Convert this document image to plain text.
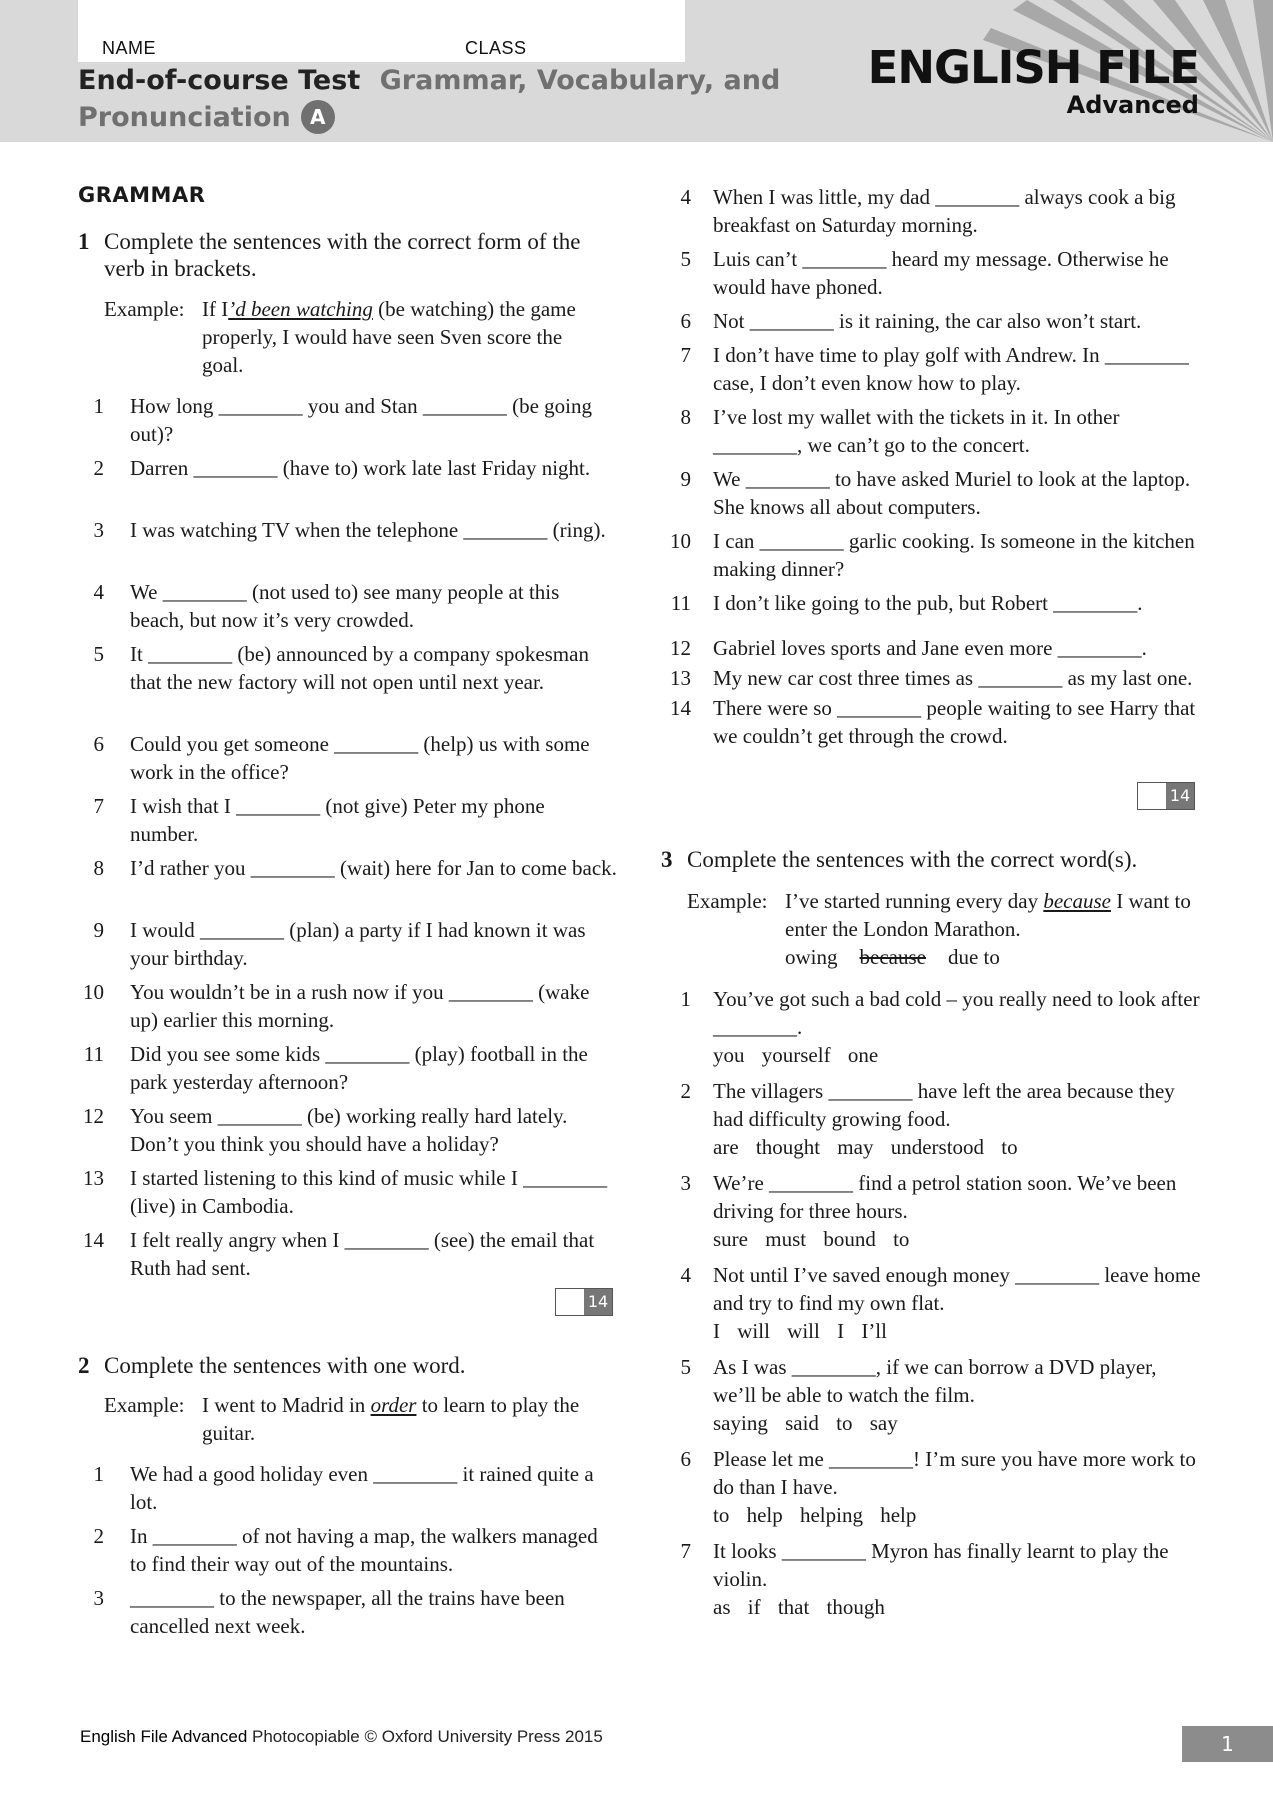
NAME	CLASS
End-of-course Test Grammar, Vocabulary, and
Pronunciation A
ENGLISH FILE
Advanced
GRAMMAR
1 Complete the sentences with the correct form of the verb in brackets.
Example: If I’d been watching (be watching) the game properly, I would have seen Sven score the goal.
1	How long ________ you and Stan ________ (be going out)?
2	Darren ________ (have to) work late last Friday night.
3	I was watching TV when the telephone ________ (ring).
4	We ________ (not used to) see many people at this beach, but now it’s very crowded.
5	It ________ (be) announced by a company spokesman that the new factory will not open until next year.
6	Could you get someone ________ (help) us with some work in the office?
7	I wish that I ________ (not give) Peter my phone number.
8	I’d rather you ________ (wait) here for Jan to come back.
9	I would ________ (plan) a party if I had known it was your birthday.
10	You wouldn’t be in a rush now if you ________ (wake up) earlier this morning.
11	Did you see some kids ________ (play) football in the park yesterday afternoon?
12	You seem ________ (be) working really hard lately. Don’t you think you should have a holiday?
13	I started listening to this kind of music while I ________ (live) in Cambodia.
14	I felt really angry when I ________ (see) the email that Ruth had sent.
14
2 Complete the sentences with one word.
Example: I went to Madrid in order to learn to play the guitar.
1	We had a good holiday even ________ it rained quite a lot.
2	In ________ of not having a map, the walkers managed to find their way out of the mountains.
3	________ to the newspaper, all the trains have been cancelled next week.
4	When I was little, my dad ________ always cook a big breakfast on Saturday morning.
5	Luis can’t ________ heard my message. Otherwise he would have phoned.
6	Not ________ is it raining, the car also won’t start.
7	I don’t have time to play golf with Andrew. In ________ case, I don’t even know how to play.
8	I’ve lost my wallet with the tickets in it. In other ________, we can’t go to the concert.
9	We ________ to have asked Muriel to look at the laptop. She knows all about computers.
10	I can ________ garlic cooking. Is someone in the kitchen making dinner?
11	I don’t like going to the pub, but Robert ________.
12	Gabriel loves sports and Jane even more ________.
13	My new car cost three times as ________ as my last one.
14	There were so ________ people waiting to see Harry that we couldn’t get through the crowd.
14
3 Complete the sentences with the correct word(s).
Example: I’ve started running every day because I want to enter the London Marathon.
owing because due to
1	You’ve got such a bad cold – you really need to look after ________.
you yourself one
2	The villagers ________ have left the area because they had difficulty growing food.
are thought may understood to
3	We’re ________ find a petrol station soon. We’ve been driving for three hours.
sure must bound to
4	Not until I’ve saved enough money ________ leave home and try to find my own flat.
I will will I I’ll
5	As I was ________, if we can borrow a DVD player, we’ll be able to watch the film.
saying said to say
6	Please let me ________! I’m sure you have more work to do than I have.
to help helping help
7	It looks ________ Myron has finally learnt to play the violin.
as if that though
English File Advanced Photocopiable © Oxford University Press 2015	1
